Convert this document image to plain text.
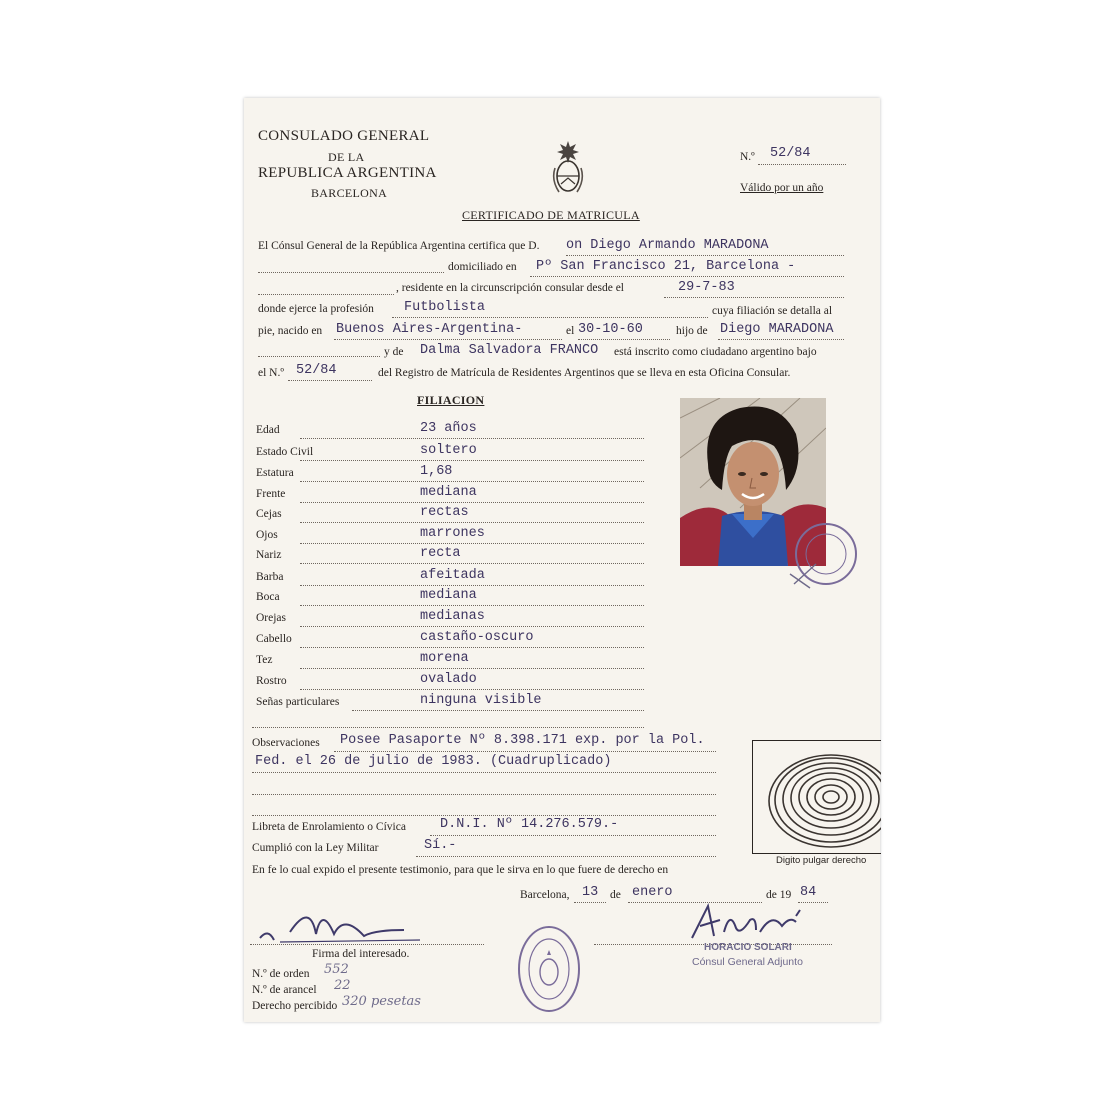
CONSULADO GENERAL
DE LA
REPUBLICA ARGENTINA
BARCELONA
N.º 52/84
Válido por un año
CERTIFICADO DE MATRICULA
El Cónsul General de la República Argentina certifica que D. on Diego Armando MARADONA
domiciliado en Pº San Francisco 21, Barcelona -
, residente en la circunscripción consular desde el	29-7-83
donde ejerce la profesión Futbolista	cuya filiación se detalla al
pie, nacido en Buenos Aires-Argentina-	el 30-10-60	hijo de Diego MARADONA
y de Dalma Salvadora FRANCO está inscrito como ciudadano argentino bajo
el N.º 52/84	del Registro de Matrícula de Residentes Argentinos que se lleva en esta Oficina Consular.
FILIACION
Edad	23 años
Estado Civil	soltero
Estatura	1,68
Frente	mediana
Cejas	rectas
Ojos	marrones
Nariz	recta
Barba	afeitada
Boca	mediana
Orejas	medianas
Cabello	castaño-oscuro
Tez	morena
Rostro	ovalado
Señas particulares	ninguna visible
Observaciones Posee Pasaporte Nº 8.398.171 exp. por la Pol.
Fed. el 26 de julio de 1983. (Cuadruplicado)
Libreta de Enrolamiento o Cívica	D.N.I. Nº 14.276.579.-
Cumplió con la Ley Militar	Sí.-
En fe lo cual expido el presente testimonio, para que le sirva en lo que fuere de derecho en
Digito pulgar derecho
Barcelona, 13 de enero	de 19 84
Firma del interesado.
HORACIO SOLARI
Cónsul General Adjunto
N.º de orden 552
N.º de arancel 22
Derecho percibido 320 pesetas
